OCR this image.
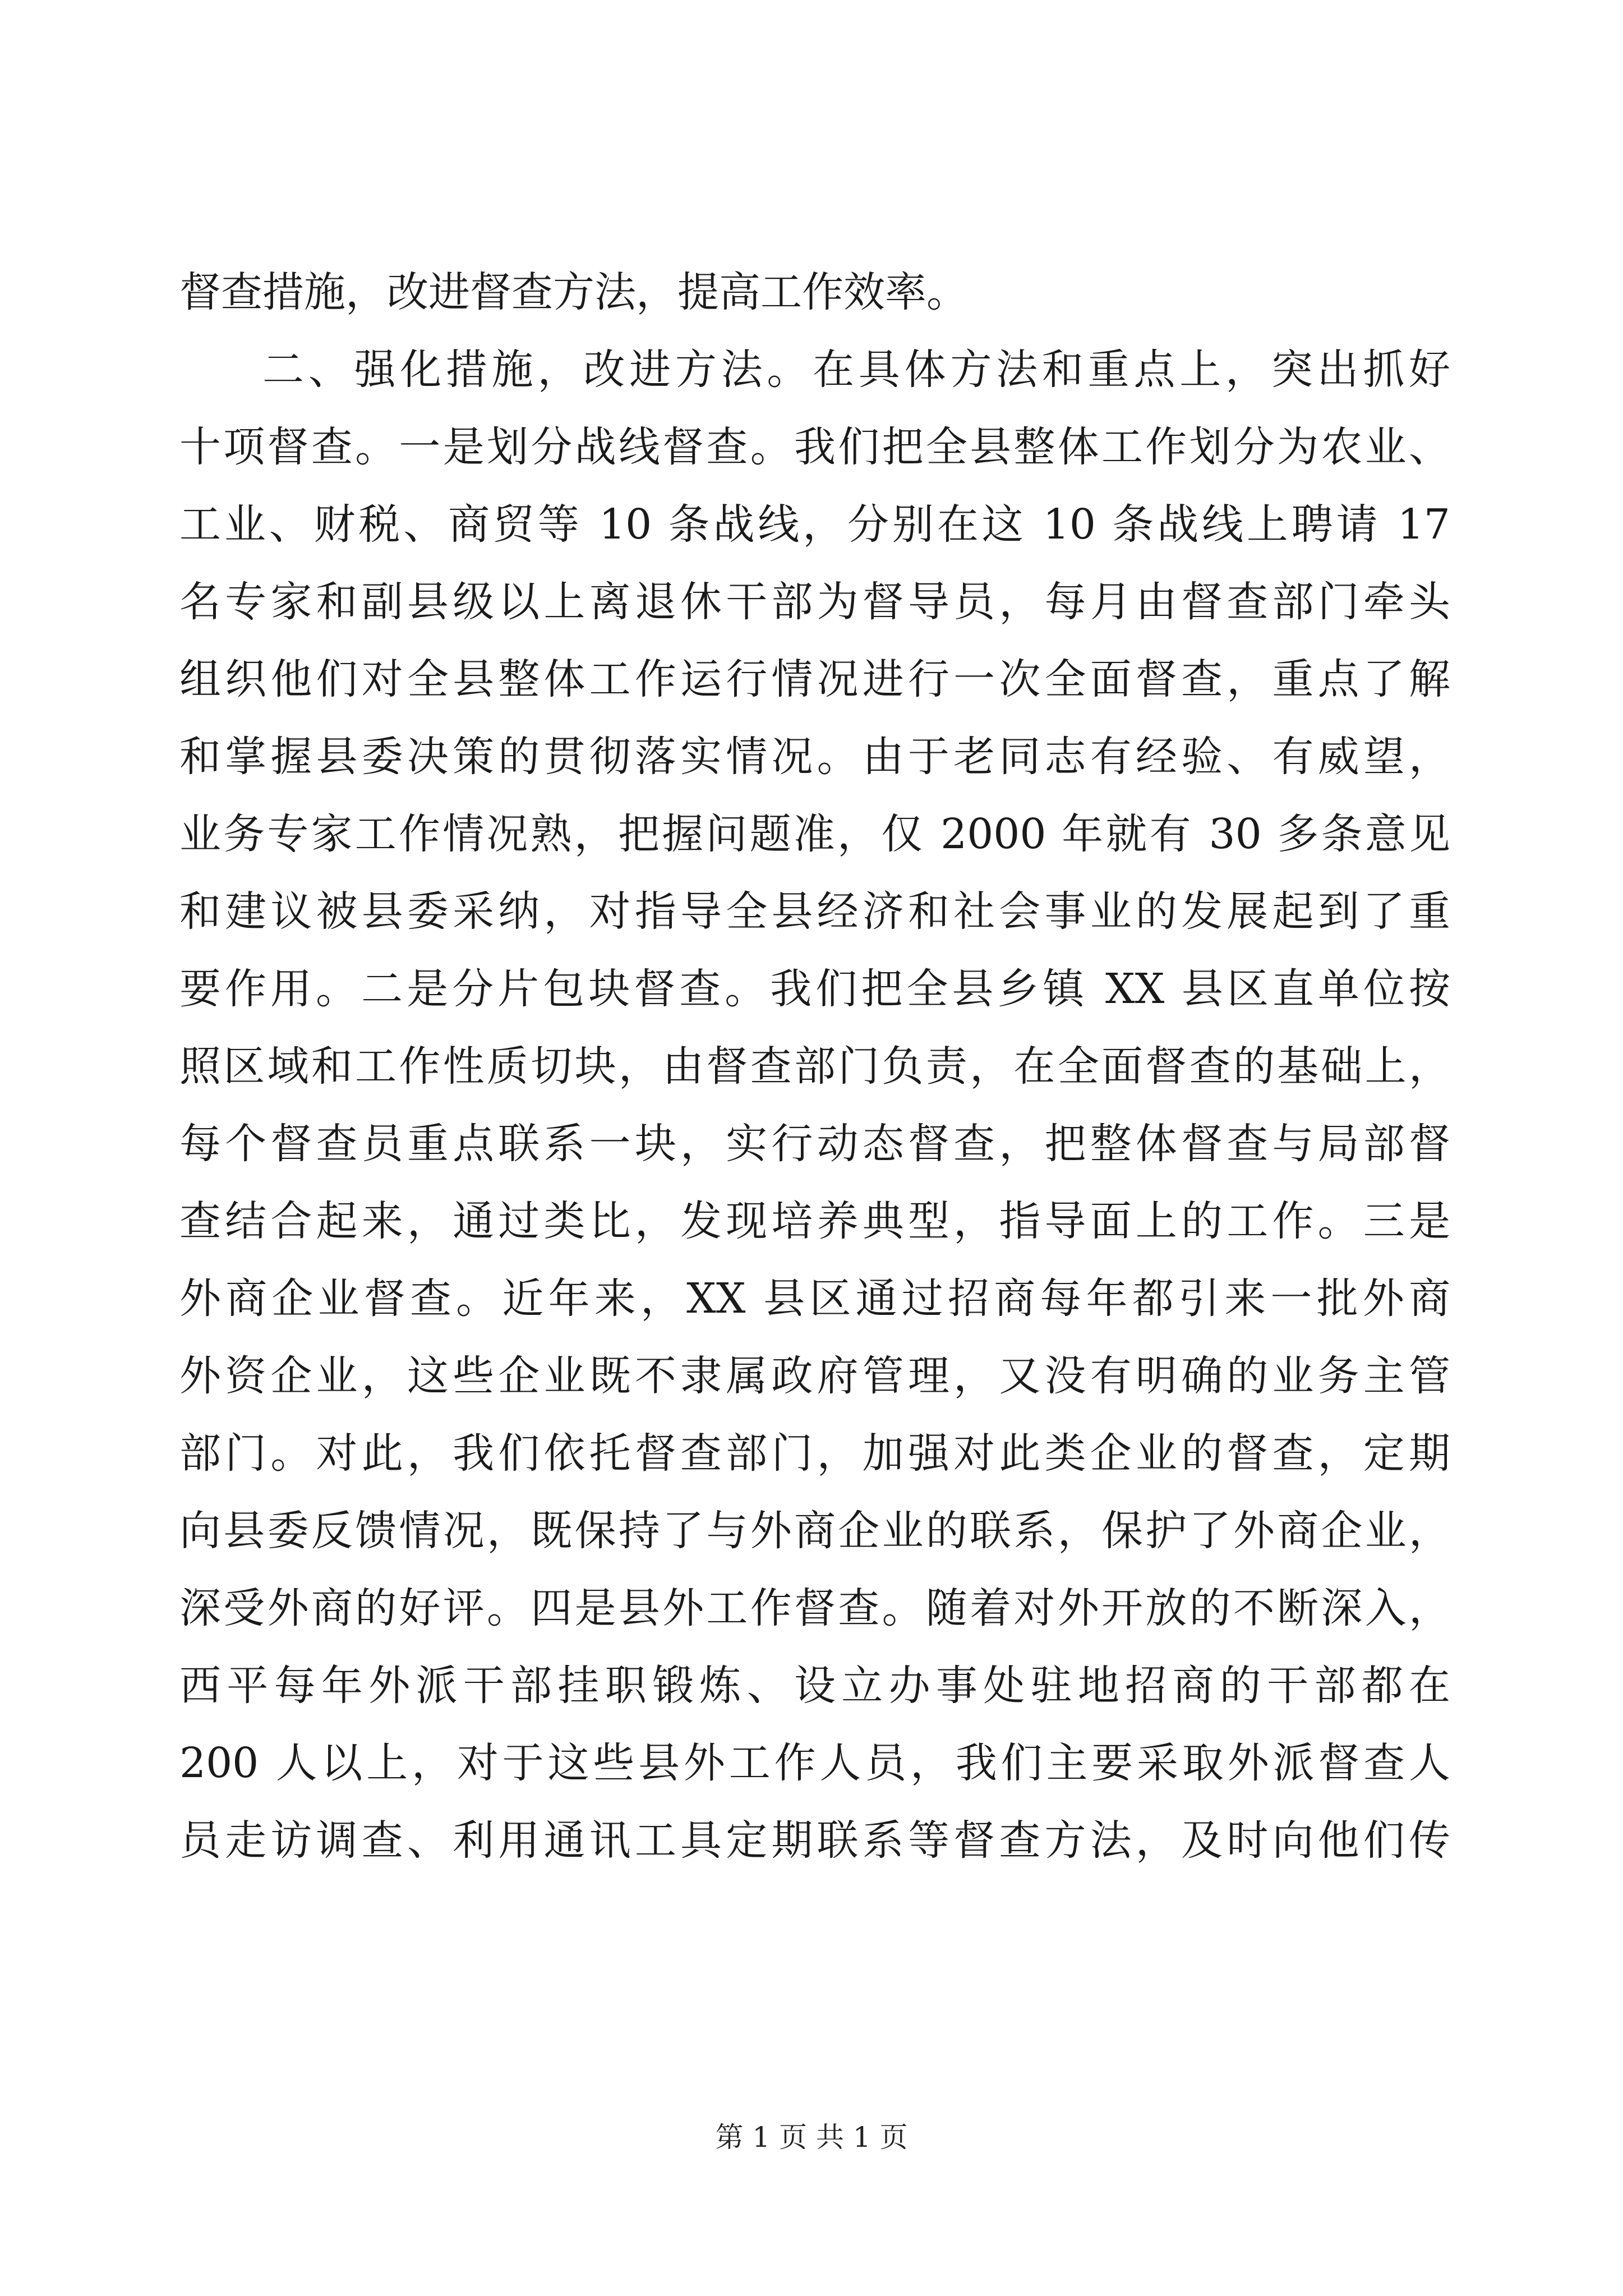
督查措施，改进督查方法，提高工作效率。
二、强化措施，改进方法。在具体方法和重点上，突出抓好
十项督查。一是划分战线督查。我们把全县整体工作划分为农业、
工业、财税、商贸等 10 条战线，分别在这 10 条战线上聘请 17
名专家和副县级以上离退休干部为督导员，每月由督查部门牵头
组织他们对全县整体工作运行情况进行一次全面督查，重点了解
和掌握县委决策的贯彻落实情况。由于老同志有经验、有威望，
业务专家工作情况熟，把握问题准，仅 2000 年就有 30 多条意见
和建议被县委采纳，对指导全县经济和社会事业的发展起到了重
要作用。二是分片包块督查。我们把全县乡镇 XX 县区直单位按
照区域和工作性质切块，由督查部门负责，在全面督查的基础上，
每个督查员重点联系一块，实行动态督查，把整体督查与局部督
查结合起来，通过类比，发现培养典型，指导面上的工作。三是
外商企业督查。近年来，XX 县区通过招商每年都引来一批外商
外资企业，这些企业既不隶属政府管理，又没有明确的业务主管
部门。对此，我们依托督查部门，加强对此类企业的督查，定期
向县委反馈情况，既保持了与外商企业的联系，保护了外商企业，
深受外商的好评。四是县外工作督查。随着对外开放的不断深入，
西平每年外派干部挂职锻炼、设立办事处驻地招商的干部都在
200 人以上，对于这些县外工作人员，我们主要采取外派督查人
员走访调查、利用通讯工具定期联系等督查方法，及时向他们传
第 1 页 共 1 页
